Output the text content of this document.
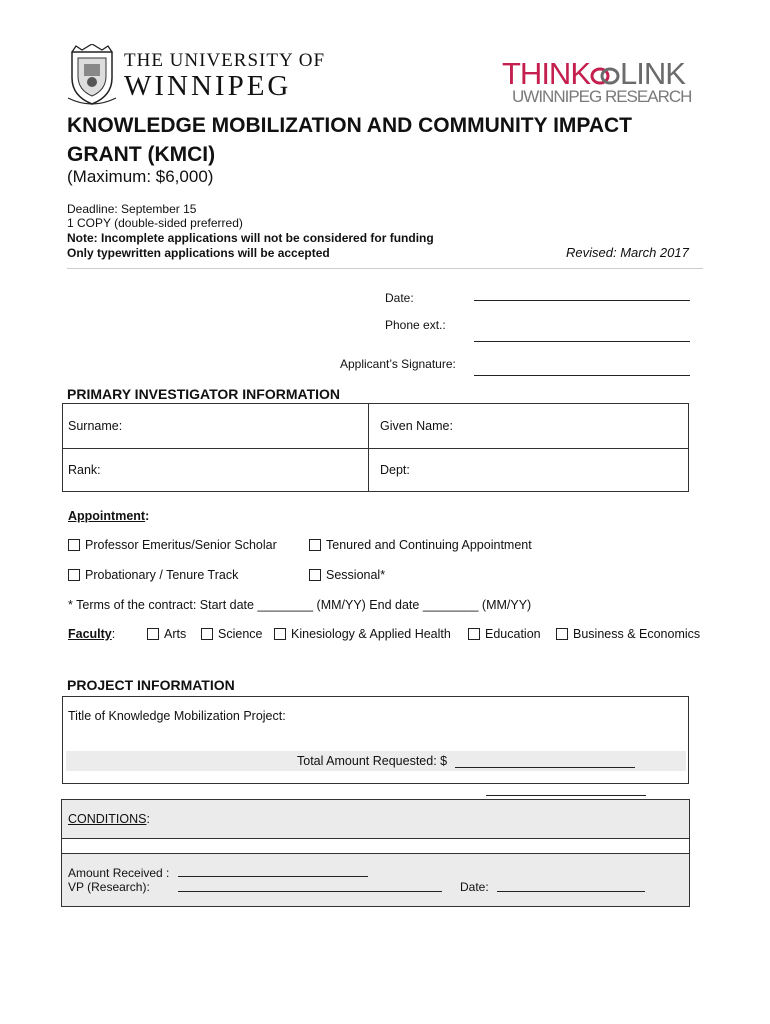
THE UNIVERSITY OF
WINNIPEG	THINK LINK
UWINNIPEG RESEARCH
KNOWLEDGE MOBILIZATION AND COMMUNITY IMPACT GRANT (KMCI)
(Maximum: $6,000)
Deadline: September 15
1 COPY (double-sided preferred)
Note: Incomplete applications will not be considered for funding
Only typewritten applications will be accepted	Revised: March 2017
Date:
Phone ext.:
Applicant’s Signature:
PRIMARY INVESTIGATOR INFORMATION
Surname:	Given Name:
Rank:	Dept:
Appointment:
Professor Emeritus/Senior Scholar	Tenured and Continuing Appointment
Probationary / Tenure Track	Sessional*
* Terms of the contract: Start date ________ (MM/YY) End date ________ (MM/YY)
Faculty:	Arts	Science	Kinesiology & Applied Health	Education	Business & Economics
PROJECT INFORMATION
Title of Knowledge Mobilization Project:
Total Amount Requested: $
CONDITIONS:
Amount Received :
VP (Research):	Date:
